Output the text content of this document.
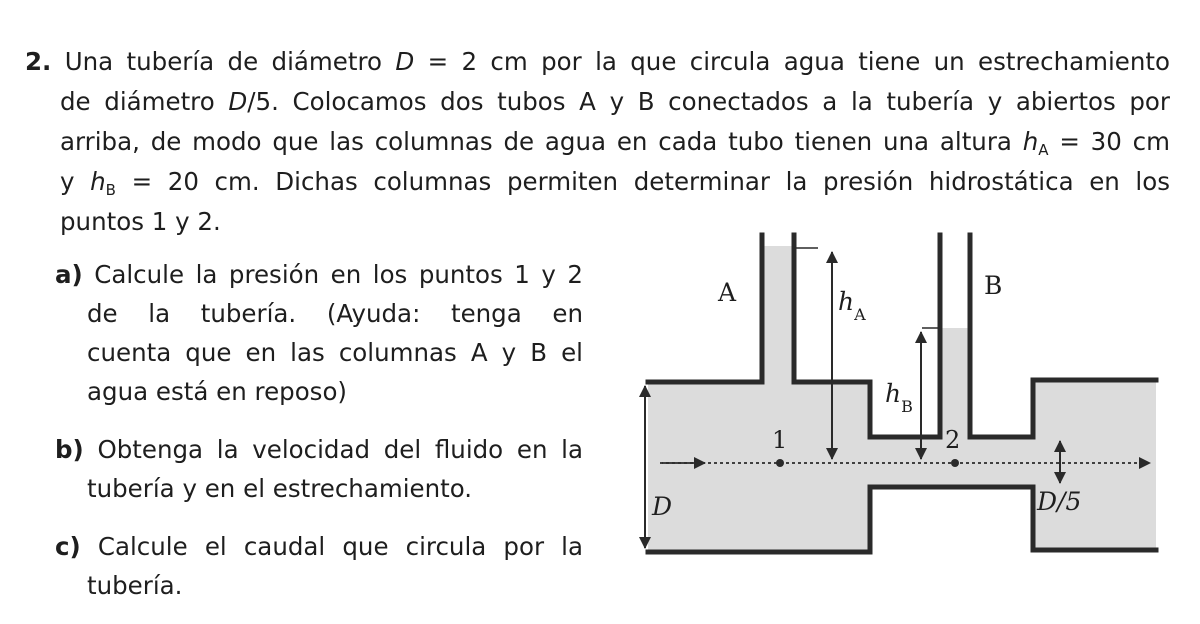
2. Una tubería de diámetro D = 2 cm por la que circula agua tiene un estrechamiento
de diámetro D/5. Colocamos dos tubos A y B conectados a la tubería y abiertos por
arriba, de modo que las columnas de agua en cada tubo tienen una altura $h_A = 30$ cm
y $h_B = 20$ cm. Dichas columnas permiten determinar la presión hidrostática en los
puntos 1 y 2.
a) Calcule la presión en los puntos 1 y 2
de la tubería. (Ayuda: tenga en
cuenta que en las columnas A y B el
agua está en reposo)
b) Obtenga la velocidad del fluido en la
tubería y en el estrechamiento.
c) Calcule el caudal que circula por la
tubería.
A	B
$h_A$
$h_B$
1	2
D	D/5
